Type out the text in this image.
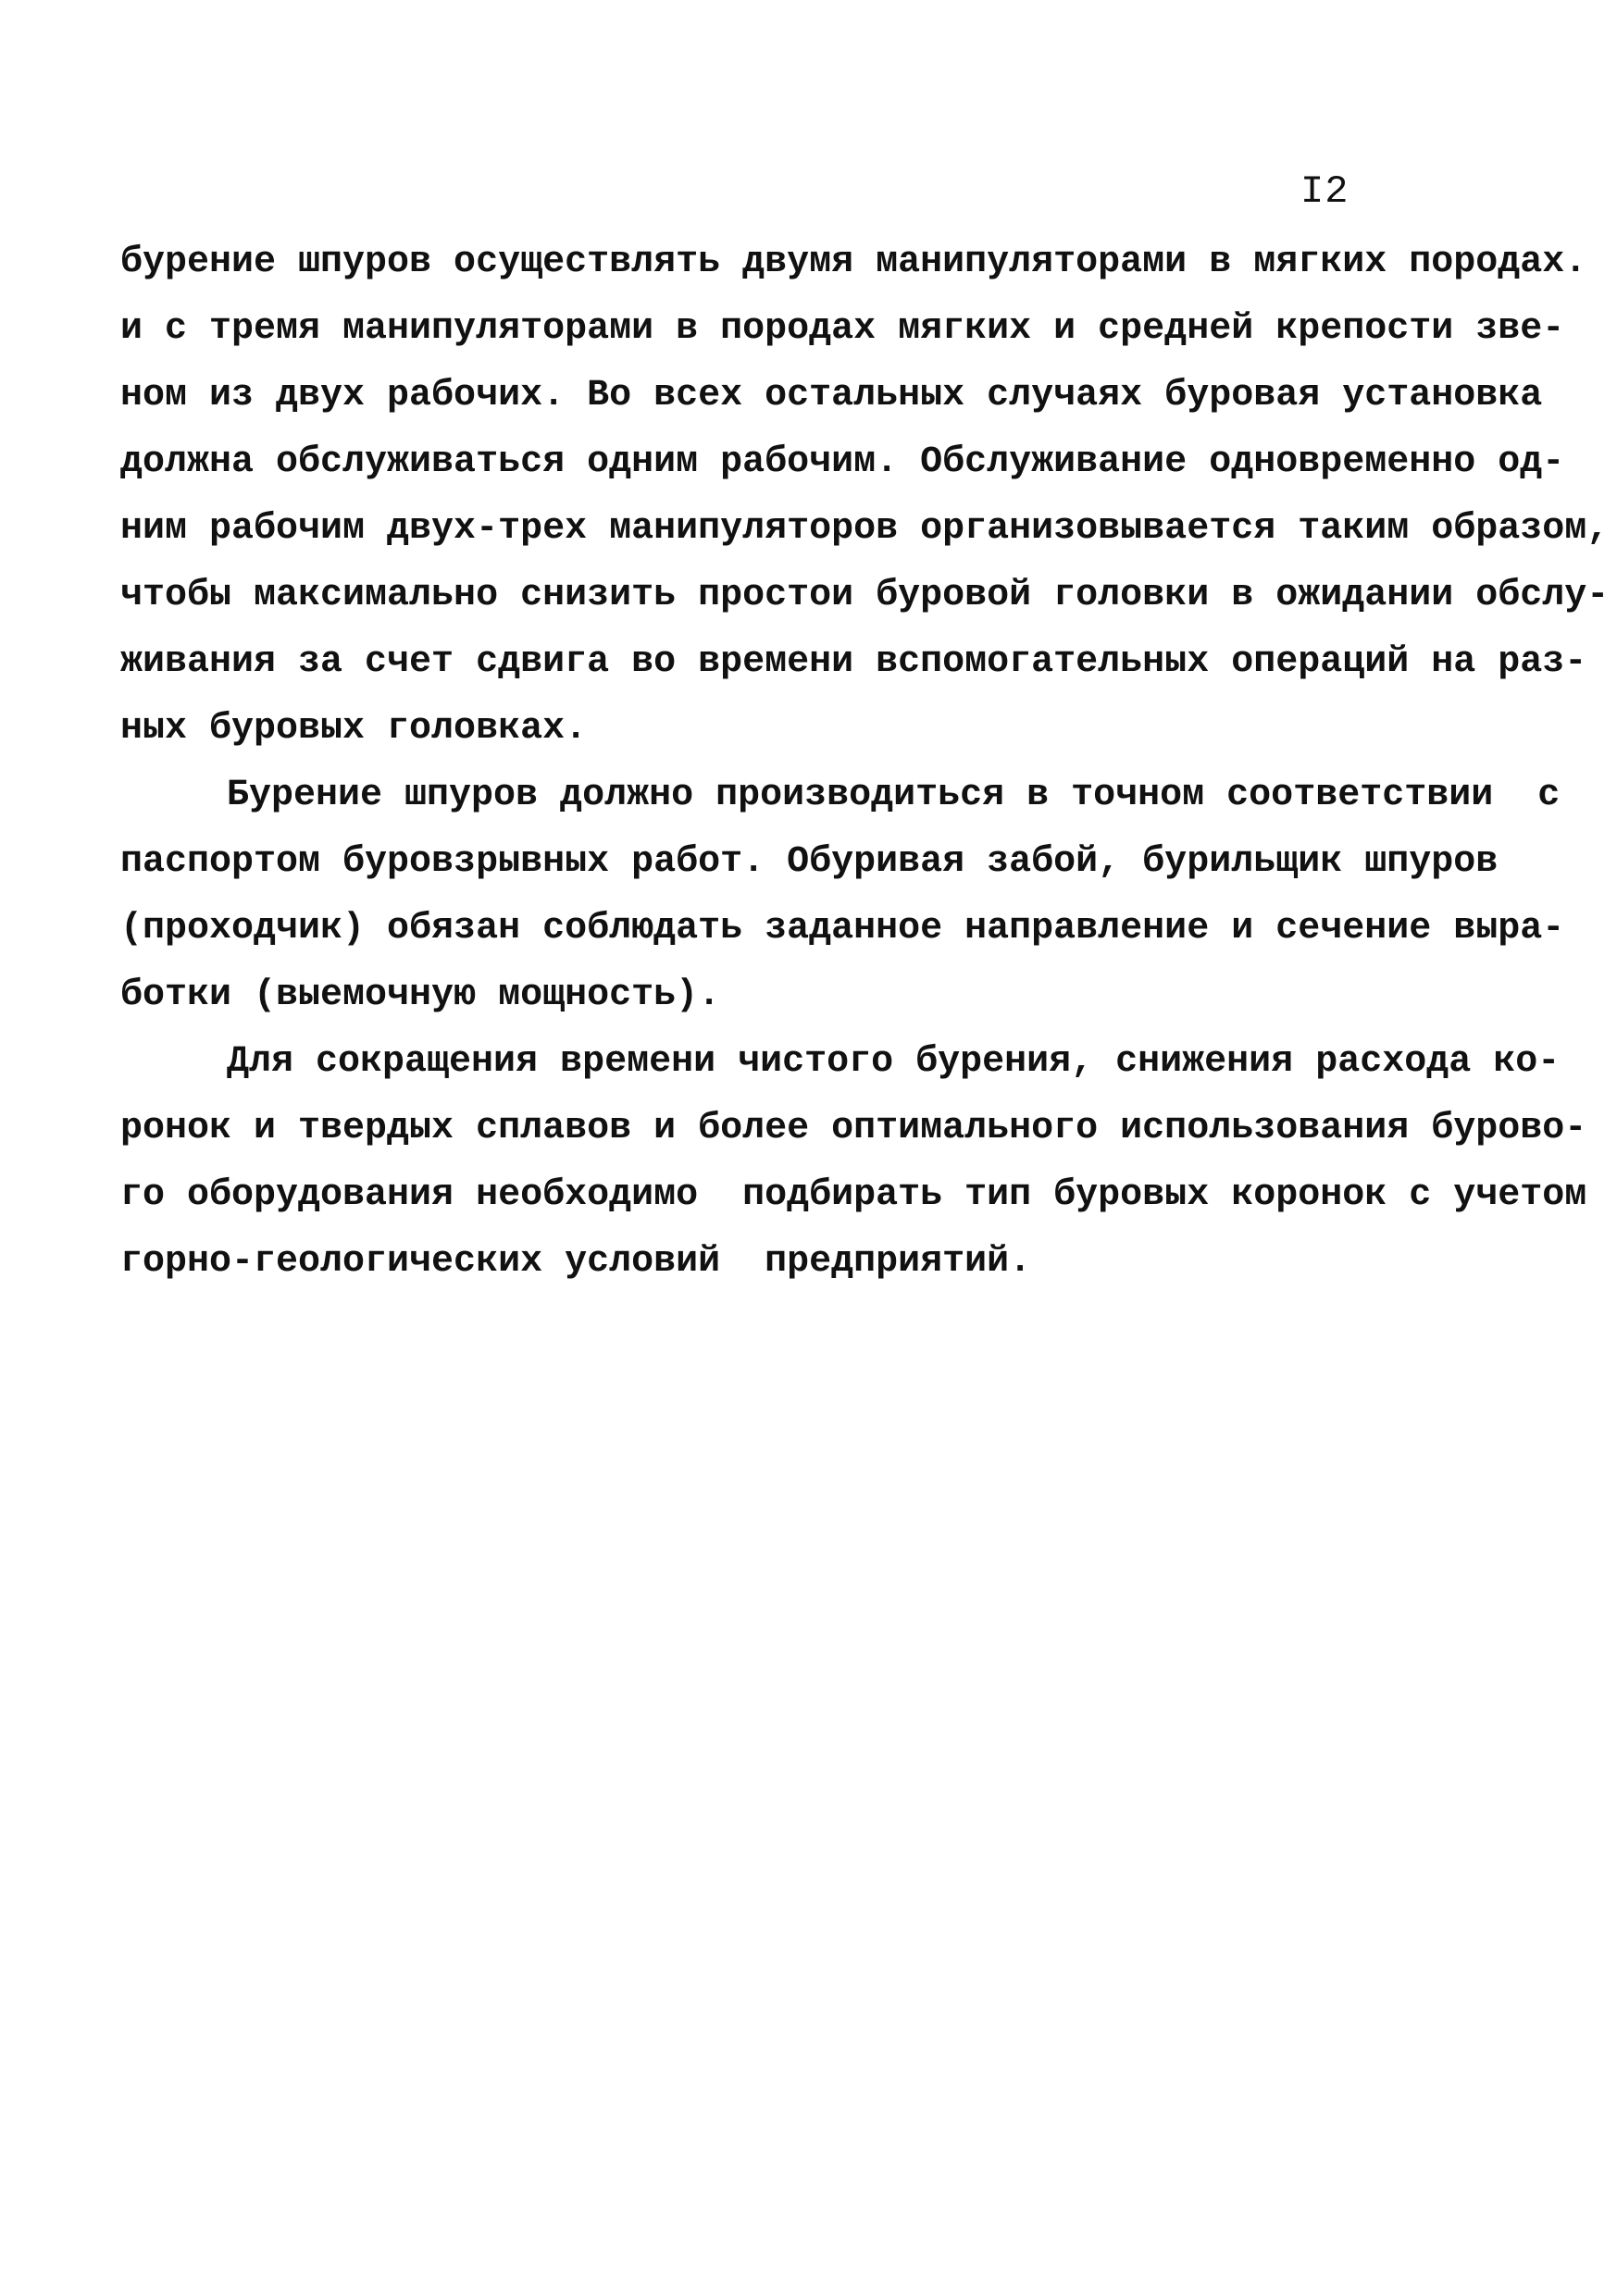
I2
бурение шпуров осуществлять двумя манипуляторами в мягких породах.
и с тремя манипуляторами в породах мягких и средней крепости зве-
ном из двух рабочих. Во всех остальных случаях буровая установка
должна обслуживаться одним рабочим. Обслуживание одновременно од-
ним рабочим двух-трех манипуляторов организовывается таким образом,
чтобы максимально снизить простои буровой головки в ожидании обслу-
живания за счет сдвига во времени вспомогательных операций на раз-
ных буровых головках.
Бурение шпуров должно производиться в точном соответствии  с
паспортом буровзрывных работ. Обуривая забой, бурильщик шпуров
(проходчик) обязан соблюдать заданное направление и сечение выра-
ботки (выемочную мощность).
Для сокращения времени чистого бурения, снижения расхода ко-
ронок и твердых сплавов и более оптимального использования бурово-
го оборудования необходимо  подбирать тип буровых коронок с учетом
горно-геологических условий  предприятий.
